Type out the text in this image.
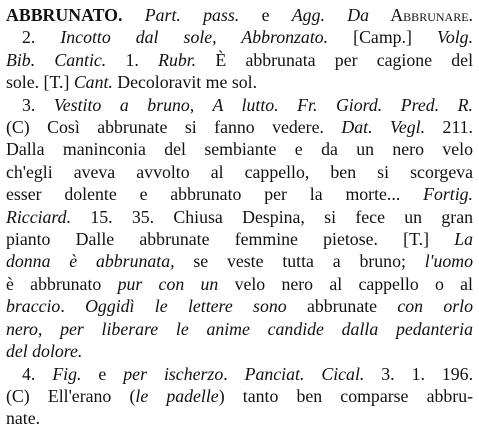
ABBRUNATO. Part. pass. e Agg. Da Abbrunare.
2. Incotto dal sole, Abbronzato. [Camp.] Volg.
Bib. Cantic. 1. Rubr. È abbrunata per cagione del
sole. [T.] Cant. Decoloravit me sol.
3. Vestito a bruno, A lutto. Fr. Giord. Pred. R.
(C) Così abbrunate si fanno vedere. Dat. Vegl. 211.
Dalla maninconia del sembiante e da un nero velo
ch'egli aveva avvolto al cappello, ben si scorgeva
esser dolente e abbrunato per la morte... Fortig.
Ricciard. 15. 35. Chiusa Despina, si fece un gran
pianto Dalle abbrunate femmine pietose. [T.] La
donna è abbrunata, se veste tutta a bruno; l'uomo
è abbrunato pur con un velo nero al cappello o al
braccio. Oggidì le lettere sono abbrunate con orlo
nero, per liberare le anime candide dalla pedanteria
del dolore.
4. Fig. e per ischerzo. Panciat. Cical. 3. 1. 196.
(C) Ell'erano (le padelle) tanto ben comparse abbru-
nate.
